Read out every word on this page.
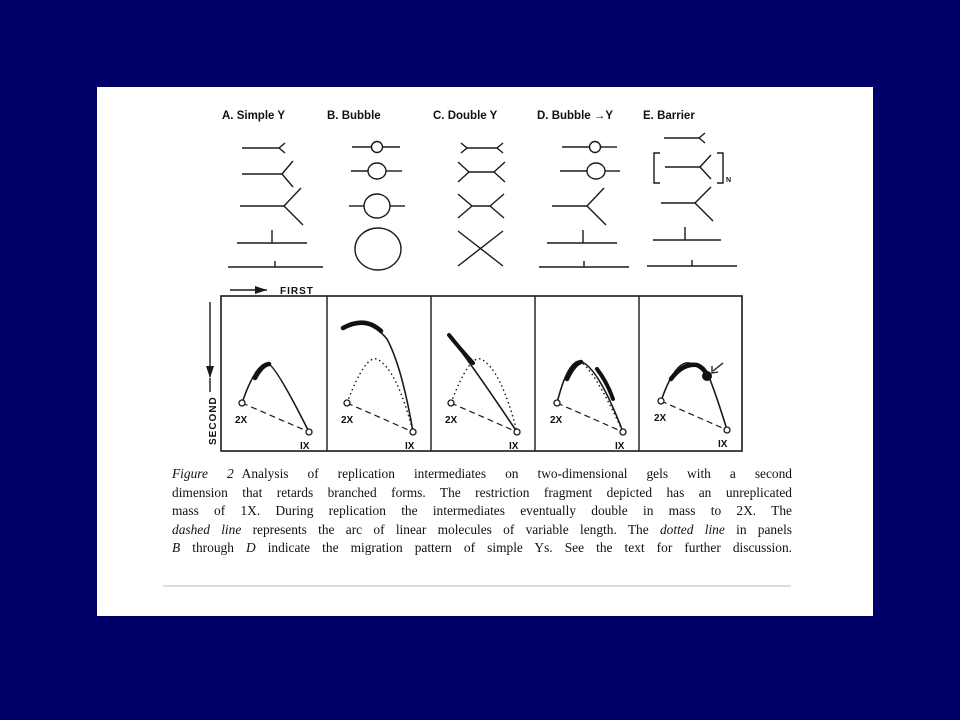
A. Simple Y	B. Bubble	C. Double Y	D. Bubble →Y	E. Barrier
N
FIRST
SECOND 2X
IX
2X
IX
2X
IX
2X
IX
2X
IX
Figure 2 Analysis of replication intermediates on two-dimensional gels with a second
dimension that retards branched forms. The restriction fragment depicted has an unreplicated
mass of 1X. During replication the intermediates eventually double in mass to 2X. The
dashed line represents the arc of linear molecules of variable length. The dotted line in panels
B through D indicate the migration pattern of simple Ys. See the text for further discussion.
